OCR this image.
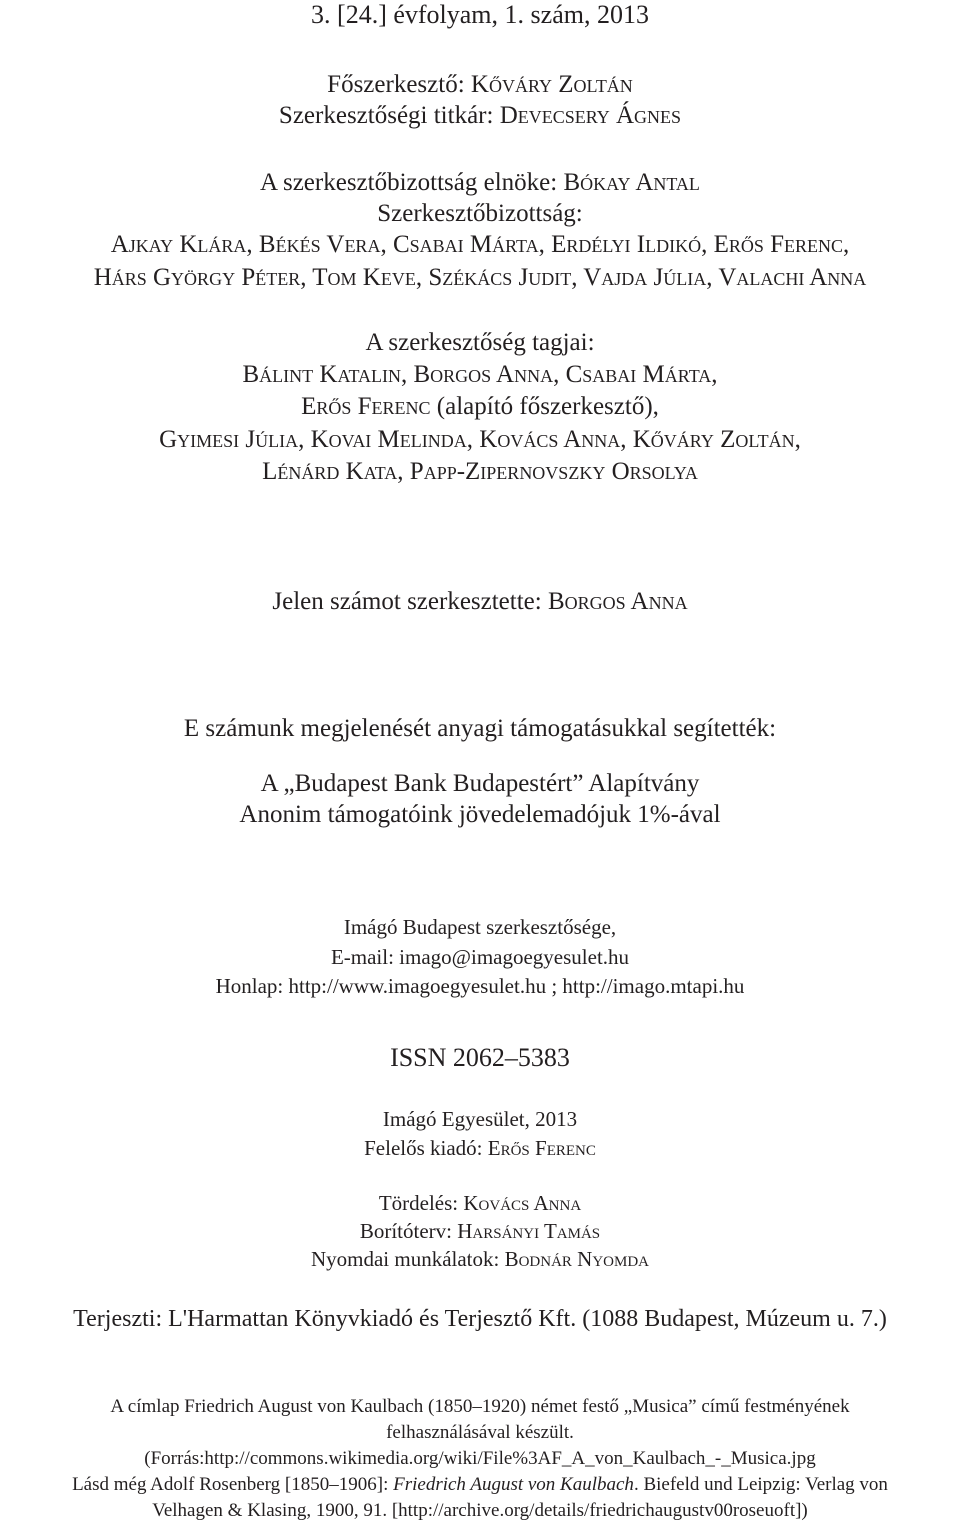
3. [24.] évfolyam, 1. szám, 2013
Főszerkesztő: Kőváry Zoltán
Szerkesztőségi titkár: Devecsery Ágnes
A szerkesztőbizottság elnöke: Bókay Antal
Szerkesztőbizottság:
Ajkay Klára, Békés Vera, Csabai Márta, Erdélyi Ildikó, Erős Ferenc,
Hárs György Péter, Tom Keve, Székács Judit, Vajda Júlia, Valachi Anna
A szerkesztőség tagjai:
Bálint Katalin, Borgos Anna, Csabai Márta,
Erős Ferenc (alapító főszerkesztő),
Gyimesi Júlia, Kovai Melinda, Kovács Anna, Kőváry Zoltán,
Lénárd Kata, Papp-Zipernovszky Orsolya
Jelen számot szerkesztette: Borgos Anna
E számunk megjelenését anyagi támogatásukkal segítették:
A „Budapest Bank Budapestért” Alapítvány
Anonim támogatóink jövedelemadójuk 1%-ával
Imágó Budapest szerkesztősége,
E-mail: imago@imagoegyesulet.hu
Honlap: http://www.imagoegyesulet.hu ; http://imago.mtapi.hu
ISSN 2062–5383
Imágó Egyesület, 2013
Felelős kiadó: Erős Ferenc
Tördelés: Kovács Anna
Borítóterv: Harsányi Tamás
Nyomdai munkálatok: Bodnár Nyomda
Terjeszti: L'Harmattan Könyvkiadó és Terjesztő Kft. (1088 Budapest, Múzeum u. 7.)
A címlap Friedrich August von Kaulbach (1850–1920) német festő „Musica” című festményének
felhasználásával készült.
(Forrás:http://commons.wikimedia.org/wiki/File%3AF_A_von_Kaulbach_-_Musica.jpg
Lásd még Adolf Rosenberg [1850–1906]: Friedrich August von Kaulbach. Biefeld und Leipzig: Verlag von
Velhagen & Klasing, 1900, 91. [http://archive.org/details/friedrichaugustv00roseuoft])
